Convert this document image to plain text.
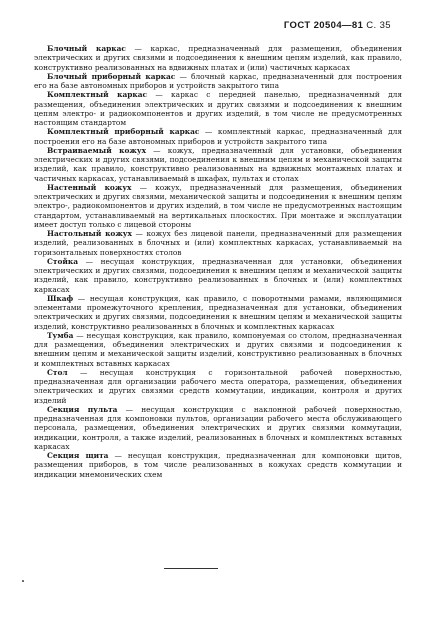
ГОСТ 20504—81 С. 35

Блочный каркас — каркас, предназначенный для размещения, объединения электрических и других связями и подсоединения к внешним цепям изделий, как правило, конструктивно реализованных на вдвижных платах и (или) частичных каркасах

Блочный приборный каркас — блочный каркас, предназначенный для построения его на базе автономных приборов и устройств закрытого типа

Комплектный каркас — каркас с передней панелью, предназначенный для размещения, объединения электрических и других связями и подсоединения к внешним цепям электро- и радиокомпонентов и других изделий, в том числе не предусмотренных настоящим стандартом

Комплектный приборный каркас — комплектный каркас, предназначенный для построения его на базе автономных приборов и устройств закрытого типа

Встраиваемый кожух — кожух, предназначенный для установки, объединения электрических и других связями, подсоединения к внешним цепям и механической защиты изделий, как правило, конструктивно реализованных на вдвижных монтажных платах и частичных каркасах, устанавливаемый в шкафах, пультах и столах

Настенный кожух — кожух, предназначенный для размещения, объединения электрических и других связями, механической защиты и подсоединения к внешним цепям электро-, радиокомпонентов и других изделий, в том числе не предусмотренных настоящим стандартом, устанавливаемый на вертикальных плоскостях. При монтаже и эксплуатации имеет доступ только с лицевой стороны

Настольный кожух — кожух без лицевой панели, предназначенный для размещения изделий, реализованных в блочных и (или) комплектных каркасах, устанавливаемый на горизонтальных поверхностях столов

Стойка — несущая конструкция, предназначенная для установки, объединения электрических и других связями, подсоединения к внешним цепям и механической защиты изделий, как правило, конструктивно реализованных в блочных и (или) комплектных каркасах

Шкаф — несущая конструкция, как правило, с поворотными рамами, являющимися элементами промежуточного крепления, предназначенная для установки, объединения электрических и других связями, подсоединения к внешним цепям и механической защиты изделий, конструктивно реализованных в блочных и комплектных каркасах

Тумба — несущая конструкция, как правило, компонуемая со столом, предназначенная для размещения, объединения электрических и других связями и подсоединения к внешним цепям и механической защиты изделий, конструктивно реализованных в блочных и комплектных вставных каркасах

Стол — несущая конструкция с горизонтальной рабочей поверхностью, предназначенная для организации рабочего места оператора, размещения, объединения электрических и других связями средств коммутации, индикации, контроля и других изделий

Секция пульта — несущая конструкция с наклонной рабочей поверхностью, предназначенная для компоновки пультов, организации рабочего места обслуживающего персонала, размещения, объединения электрических и других связями коммутации, индикации, контроля, а также изделий, реализованных в блочных и комплектных вставных каркасах

Секция щита — несущая конструкция, предназначенная для компоновки щитов, размещения приборов, в том числе реализованных в кожухах средств коммутации и индикации мнемонических схем
